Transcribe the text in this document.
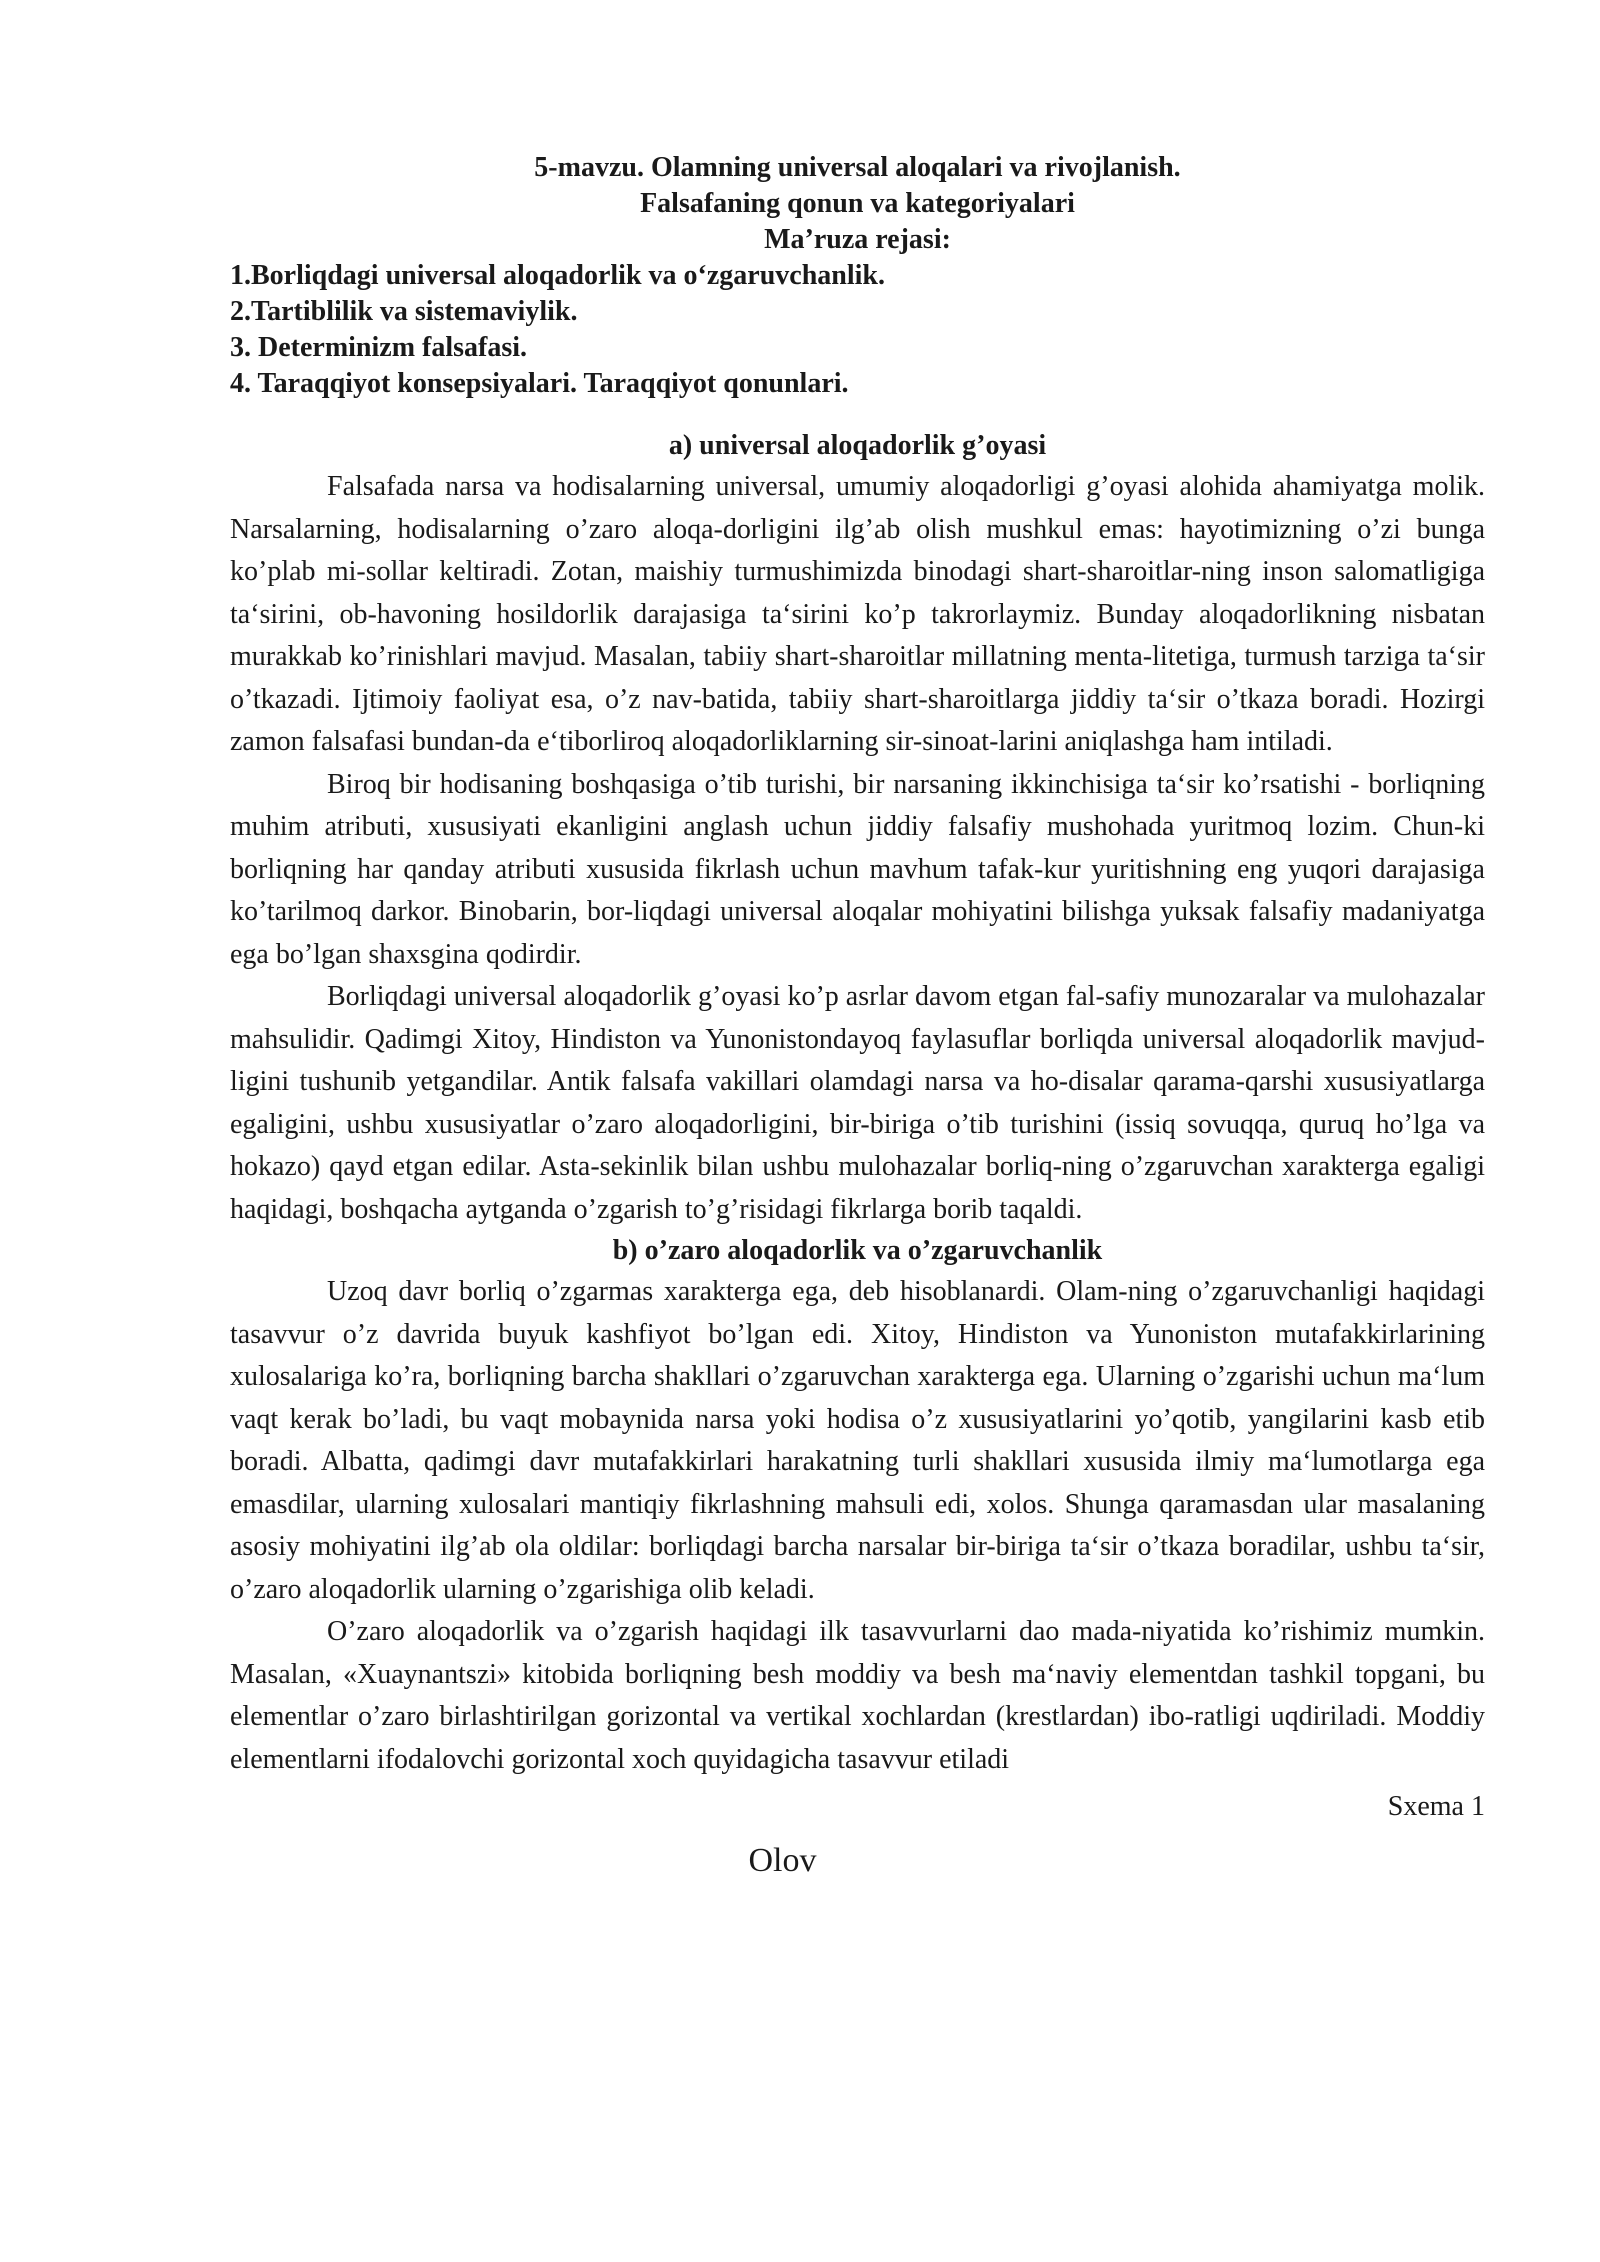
5-mavzu. Olamning universal aloqalari va rivojlanish.
Falsafaning qonun va kategoriyalari
Ma’ruza rejasi:
1.Borliqdagi universal aloqadorlik va o‘zgaruvchanlik.
2.Tartiblilik va sistemaviylik.
3. Determinizm falsafasi.
4. Taraqqiyot konsepsiyalari. Taraqqiyot qonunlari.
a) universal aloqadorlik g’oyasi

Falsafada narsa va hodisalarning universal, umumiy aloqadorligi g’oyasi alohida ahamiyatga molik. Narsalarning, hodisalarning o’zaro aloqa-dorligini ilg’ab olish mushkul emas: hayotimizning o’zi bunga ko’plab mi-sollar keltiradi. Zotan, maishiy turmushimizda binodagi shart-sharoitlar-ning inson salomatligiga ta‘sirini, ob-havoning hosildorlik darajasiga ta‘sirini ko’p takrorlaymiz. Bunday aloqadorlikning nisbatan murakkab ko’rinishlari mavjud. Masalan, tabiiy shart-sharoitlar millatning menta-litetiga, turmush tarziga ta‘sir o’tkazadi. Ijtimoiy faoliyat esa, o’z nav-batida, tabiiy shart-sharoitlarga jiddiy ta‘sir o’tkaza boradi. Hozirgi zamon falsafasi bundan-da e‘tiborliroq aloqadorliklarning sir-sinoat-larini aniqlashga ham intiladi.

Biroq bir hodisaning boshqasiga o’tib turishi, bir narsaning ikkinchisiga ta‘sir ko’rsatishi - borliqning muhim atributi, xususiyati ekanligini anglash uchun jiddiy falsafiy mushohada yuritmoq lozim. Chun-ki borliqning har qanday atributi xususida fikrlash uchun mavhum tafak-kur yuritishning eng yuqori darajasiga ko’tarilmoq darkor. Binobarin, bor-liqdagi universal aloqalar mohiyatini bilishga yuksak falsafiy madaniyatga ega bo’lgan shaxsgina qodirdir.

Borliqdagi universal aloqadorlik g’oyasi ko’p asrlar davom etgan fal-safiy munozaralar va mulohazalar mahsulidir. Qadimgi Xitoy, Hindiston va Yunonistondayoq faylasuflar borliqda universal aloqadorlik mavjud-ligini tushunib yetgandilar. Antik falsafa vakillari olamdagi narsa va ho-disalar qarama-qarshi xususiyatlarga egaligini, ushbu xususiyatlar o’zaro aloqadorligini, bir-biriga o’tib turishini (issiq sovuqqa, quruq ho’lga va hokazo) qayd etgan edilar. Asta-sekinlik bilan ushbu mulohazalar borliq-ning o’zgaruvchan xarakterga egaligi haqidagi, boshqacha aytganda o’zgarish to’g’risidagi fikrlarga borib taqaldi.

b) o’zaro aloqadorlik va o’zgaruvchanlik

Uzoq davr borliq o’zgarmas xarakterga ega, deb hisoblanardi. Olam-ning o’zgaruvchanligi haqidagi tasavvur o’z davrida buyuk kashfiyot bo’lgan edi. Xitoy, Hindiston va Yunoniston mutafakkirlarining xulosalariga ko’ra, borliqning barcha shakllari o’zgaruvchan xarakterga ega. Ularning o’zgarishi uchun ma‘lum vaqt kerak bo’ladi, bu vaqt mobaynida narsa yoki hodisa o’z xususiyatlarini yo’qotib, yangilarini kasb etib boradi. Albatta, qadimgi davr mutafakkirlari harakatning turli shakllari xususida ilmiy ma‘lumotlarga ega emasdilar, ularning xulosalari mantiqiy fikrlashning mahsuli edi, xolos. Shunga qaramasdan ular masalaning asosiy mohiyatini ilg’ab ola oldilar: borliqdagi barcha narsalar bir-biriga ta‘sir o’tkaza boradilar, ushbu ta‘sir, o’zaro aloqadorlik ularning o’zgarishiga olib keladi.

O’zaro aloqadorlik va o’zgarish haqidagi ilk tasavvurlarni dao mada-niyatida ko’rishimiz mumkin. Masalan, «Xuaynantszi» kitobida borliqning besh moddiy va besh ma‘naviy elementdan tashkil topgani, bu elementlar o’zaro birlashtirilgan gorizontal va vertikal xochlardan (krestlardan) ibo-ratligi uqdiriladi. Moddiy elementlarni ifodalovchi gorizontal xoch quyidagicha tasavvur etiladi

Sxema 1
Olov
